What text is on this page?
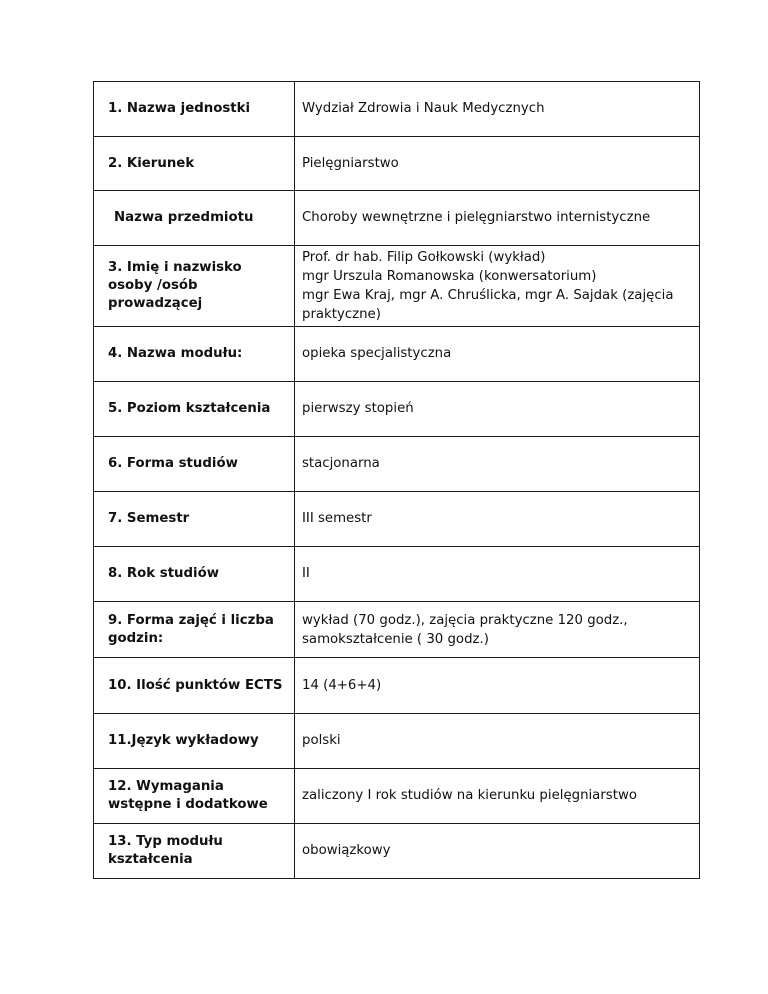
1. Nazwa jednostki	Wydział Zdrowia i Nauk Medycznych
2. Kierunek	Pielęgniarstwo
Nazwa przedmiotu	Choroby wewnętrzne i pielęgniarstwo internistyczne
3. Imię i nazwisko osoby /osób prowadzącej	Prof. dr hab. Filip Gołkowski (wykład)
mgr Urszula Romanowska (konwersatorium)
mgr Ewa Kraj, mgr A. Chruślicka, mgr A. Sajdak (zajęcia praktyczne)

4. Nazwa modułu:	opieka specjalistyczna
5. Poziom kształcenia	pierwszy stopień
6. Forma studiów	stacjonarna
7. Semestr	III semestr
8. Rok studiów	II
9. Forma zajęć i liczba godzin:	wykład (70 godz.), zajęcia praktyczne 120 godz.,
samokształcenie ( 30 godz.)

10. Ilość punktów ECTS	14 (4+6+4)
11.Język wykładowy	polski
12. Wymagania wstępne i dodatkowe	zaliczony I rok studiów na kierunku pielęgniarstwo
13. Typ modułu kształcenia	obowiązkowy
